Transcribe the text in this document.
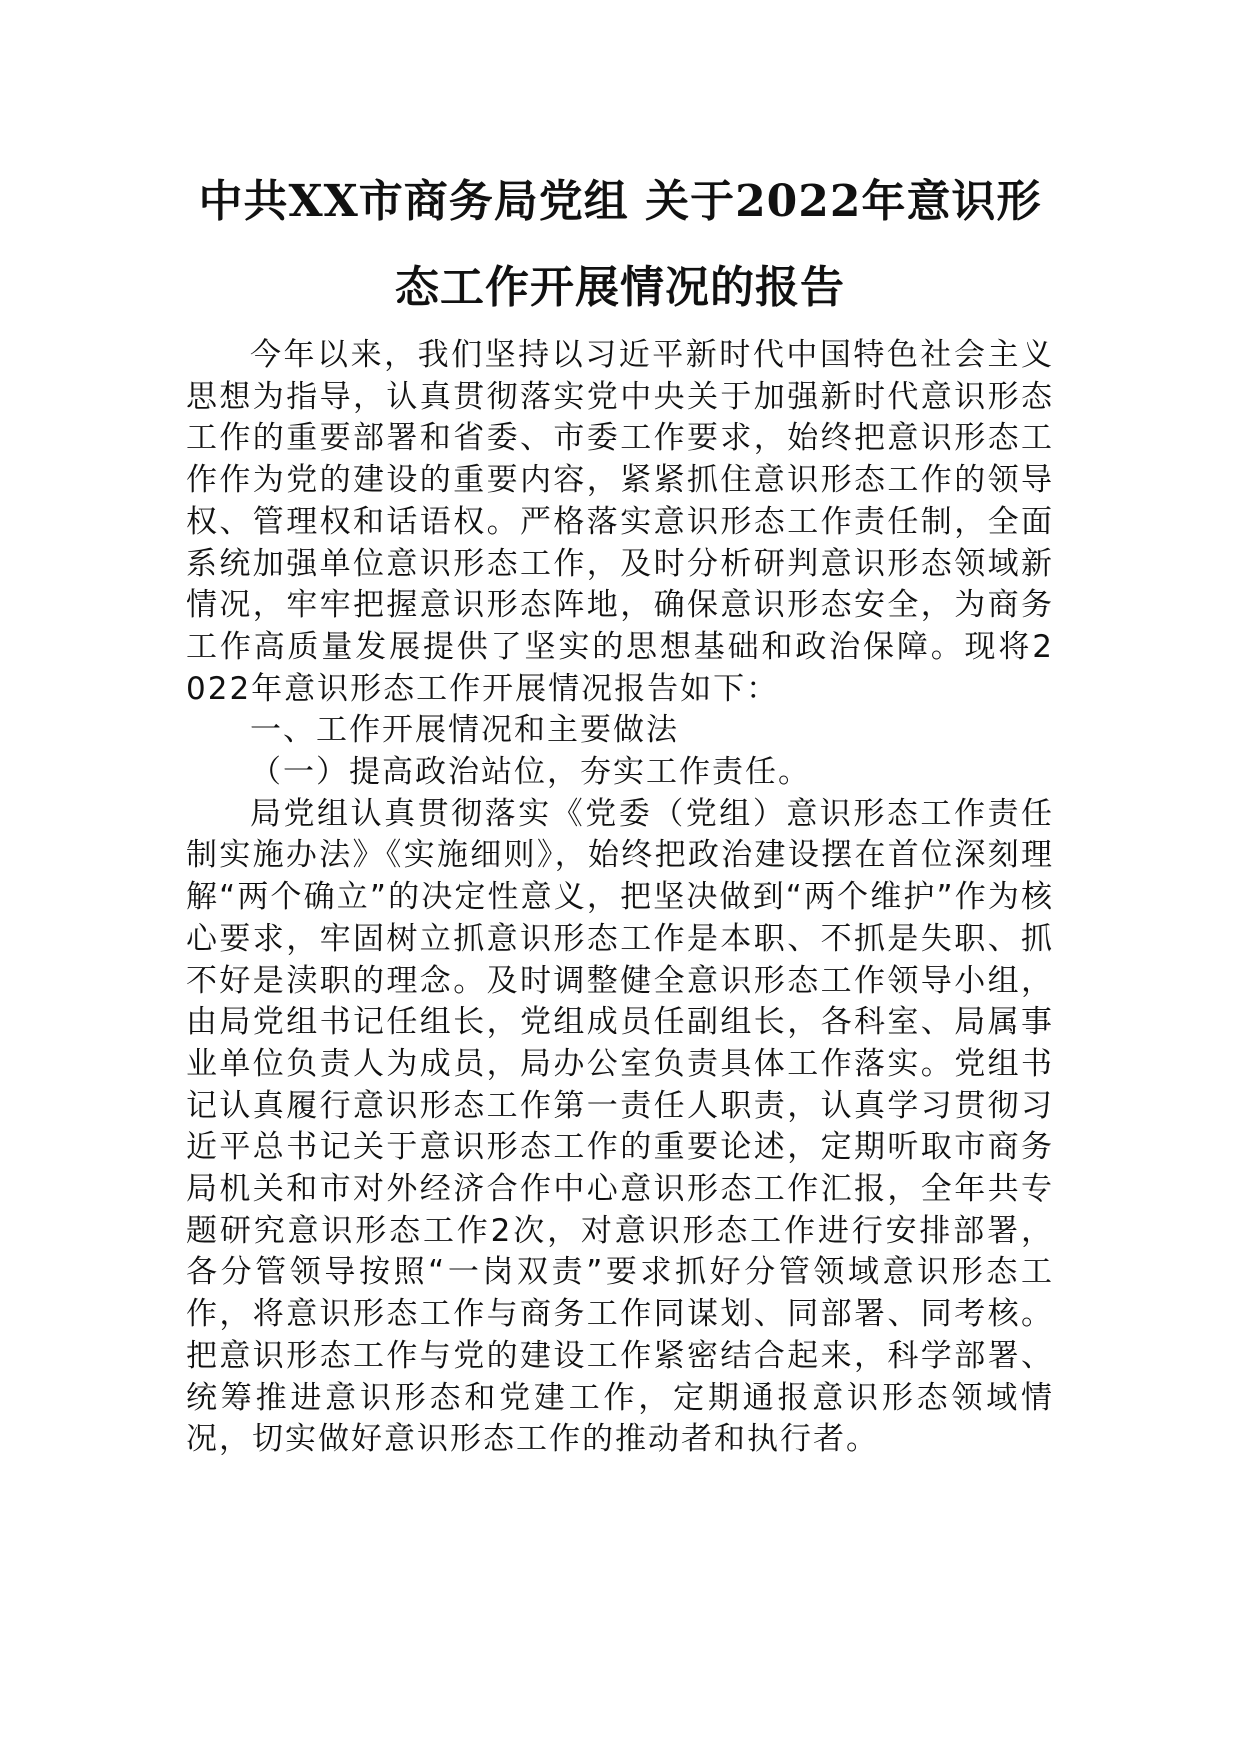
中共XX市商务局党组 关于2022年意识形
态工作开展情况的报告

今年以来，我们坚持以习近平新时代中国特色社会主义思想为指导，认真贯彻落实党中央关于加强新时代意识形态工作的重要部署和省委、市委工作要求，始终把意识形态工作作为党的建设的重要内容，紧紧抓住意识形态工作的领导权、管理权和话语权。严格落实意识形态工作责任制，全面系统加强单位意识形态工作，及时分析研判意识形态领域新情况，牢牢把握意识形态阵地，确保意识形态安全，为商务工作高质量发展提供了坚实的思想基础和政治保障。现将2022年意识形态工作开展情况报告如下：

一、工作开展情况和主要做法
（一）提高政治站位，夯实工作责任。

局党组认真贯彻落实《党委（党组）意识形态工作责任制实施办法》《实施细则》，始终把政治建设摆在首位深刻理解“两个确立”的决定性意义，把坚决做到“两个维护”作为核心要求，牢固树立抓意识形态工作是本职、不抓是失职、抓不好是渎职的理念。及时调整健全意识形态工作领导小组，由局党组书记任组长，党组成员任副组长，各科室、局属事业单位负责人为成员，局办公室负责具体工作落实。党组书记认真履行意识形态工作第一责任人职责，认真学习贯彻习近平总书记关于意识形态工作的重要论述，定期听取市商务局机关和市对外经济合作中心意识形态工作汇报，全年共专题研究意识形态工作2次，对意识形态工作进行安排部署，各分管领导按照“一岗双责”要求抓好分管领域意识形态工作，将意识形态工作与商务工作同谋划、同部署、同考核。把意识形态工作与党的建设工作紧密结合起来，科学部署、统筹推进意识形态和党建工作，定期通报意识形态领域情况，切实做好意识形态工作的推动者和执行者。
